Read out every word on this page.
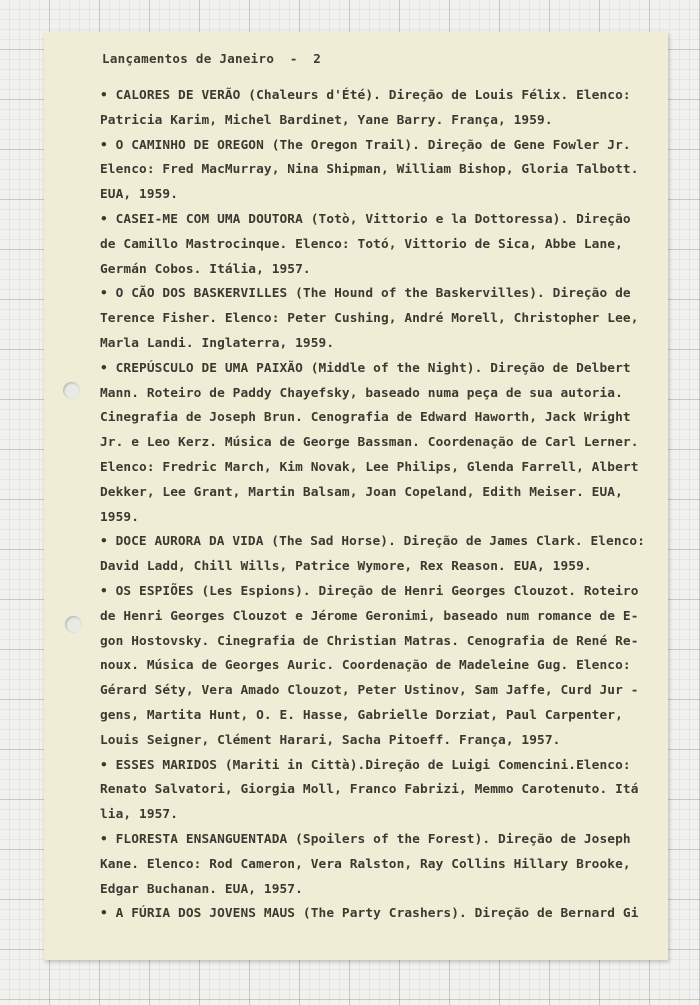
Lançamentos de Janeiro  -  2
• CALORES DE VERÃO (Chaleurs d'Été). Direção de Louis Félix. Elenco:
Patricia Karim, Michel Bardinet, Yane Barry. França, 1959.
• O CAMINHO DE OREGON (The Oregon Trail). Direção de Gene Fowler Jr.
Elenco: Fred MacMurray, Nina Shipman, William Bishop, Gloria Talbott.
EUA, 1959.
• CASEI-ME COM UMA DOUTORA (Totò, Vittorio e la Dottoressa). Direção
de Camillo Mastrocinque. Elenco: Totó, Vittorio de Sica, Abbe Lane,
Germán Cobos. Itália, 1957.
• O CÃO DOS BASKERVILLES (The Hound of the Baskervilles). Direção de
Terence Fisher. Elenco: Peter Cushing, André Morell, Christopher Lee,
Marla Landi. Inglaterra, 1959.
• CREPÚSCULO DE UMA PAIXÃO (Middle of the Night). Direção de Delbert
Mann. Roteiro de Paddy Chayefsky, baseado numa peça de sua autoria.
Cinegrafia de Joseph Brun. Cenografia de Edward Haworth, Jack Wright
Jr. e Leo Kerz. Música de George Bassman. Coordenação de Carl Lerner.
Elenco: Fredric March, Kim Novak, Lee Philips, Glenda Farrell, Albert
Dekker, Lee Grant, Martin Balsam, Joan Copeland, Edith Meiser. EUA,
1959.
• DOCE AURORA DA VIDA (The Sad Horse). Direção de James Clark. Elenco:
David Ladd, Chill Wills, Patrice Wymore, Rex Reason. EUA, 1959.
• OS ESPIÕES (Les Espions). Direção de Henri Georges Clouzot. Roteiro
de Henri Georges Clouzot e Jérome Geronimi, baseado num romance de E-
gon Hostovsky. Cinegrafia de Christian Matras. Cenografia de René Re-
noux. Música de Georges Auric. Coordenação de Madeleine Gug. Elenco:
Gérard Séty, Vera Amado Clouzot, Peter Ustinov, Sam Jaffe, Curd Jur -
gens, Martita Hunt, O. E. Hasse, Gabrielle Dorziat, Paul Carpenter,
Louis Seigner, Clément Harari, Sacha Pitoeff. França, 1957.
• ESSES MARIDOS (Mariti in Città).Direção de Luigi Comencini.Elenco:
Renato Salvatori, Giorgia Moll, Franco Fabrizi, Memmo Carotenuto. Itá
lia, 1957.
• FLORESTA ENSANGUENTADA (Spoilers of the Forest). Direção de Joseph
Kane. Elenco: Rod Cameron, Vera Ralston, Ray Collins Hillary Brooke,
Edgar Buchanan. EUA, 1957.
• A FÚRIA DOS JOVENS MAUS (The Party Crashers). Direção de Bernard Gi
